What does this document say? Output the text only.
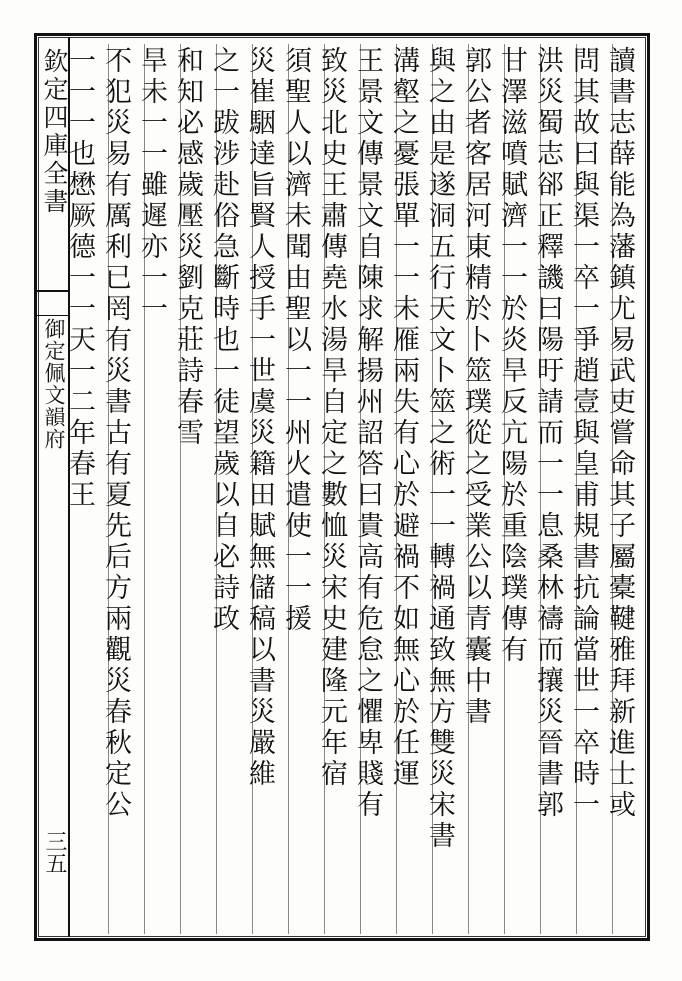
欽定四庫全書
御定佩文韻府
三五
讀書志薛能為藩鎮尤易武吏嘗命其子屬橐鞬雅拜新進士或
問其故曰與渠一卒一爭趙壹與皇甫規書抗論當世一卒時一
洪災蜀志郤正釋譏曰陽旴請而一一息桑林禱而攘災晉書郭
甘澤滋噴賦濟一一於炎旱反亢陽於重陰璞傳有
郭公者客居河東精於卜筮璞從之受業公以青囊中書
與之由是遂洞五行天文卜筮之術一一轉禍通致無方雙災宋書
溝壑之憂張單一一未雁兩失有心於避禍不如無心於任運
王景文傳景文自陳求解揚州詔答曰貴高有危怠之懼卑賤有
致災北史王肅傳堯水湯旱自定之數恤災宋史建隆元年宿
須聖人以濟未聞由聖以一一州火遣使一一援
災崔駰達旨賢人授手一世虞災籍田賦無儲稿以書災嚴維
之一跋涉赴俗急斷時也一徒望歲以自必詩政
和知必感歲壓災劉克莊詩春雪
旱未一一雖遲亦一一
不犯災易有厲利已罔有災書古有夏先后方兩觀災春秋定公
一一一也懋厥德一一天一二年春王
